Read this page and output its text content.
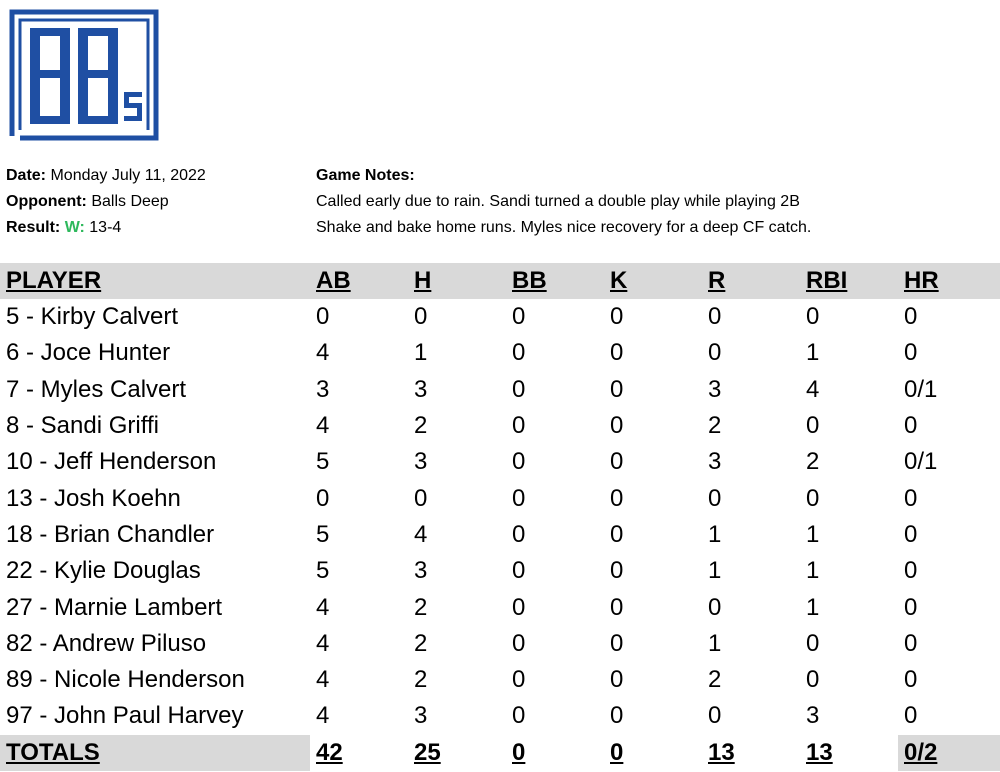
Date: Monday July 11, 2022
Opponent: Balls Deep
Result: W: 13-4
Game Notes:
Called early due to rain. Sandi turned a double play while playing 2B
Shake and bake home runs. Myles nice recovery for a deep CF catch.
PLAYER	AB	H	BB	K	R	RBI	HR
5 - Kirby Calvert	0	0	0	0	0	0	0
6 - Joce Hunter	4	1	0	0	0	1	0
7 - Myles Calvert	3	3	0	0	3	4	0/1
8 - Sandi Griffi	4	2	0	0	2	0	0
10 - Jeff Henderson	5	3	0	0	3	2	0/1
13 - Josh Koehn	0	0	0	0	0	0	0
18 - Brian Chandler	5	4	0	0	1	1	0
22 - Kylie Douglas	5	3	0	0	1	1	0
27 - Marnie Lambert	4	2	0	0	0	1	0
82 - Andrew Piluso	4	2	0	0	1	0	0
89 - Nicole Henderson	4	2	0	0	2	0	0
97 - John Paul Harvey	4	3	0	0	0	3	0
TOTALS	42	25	0	0	13	13	0/2
